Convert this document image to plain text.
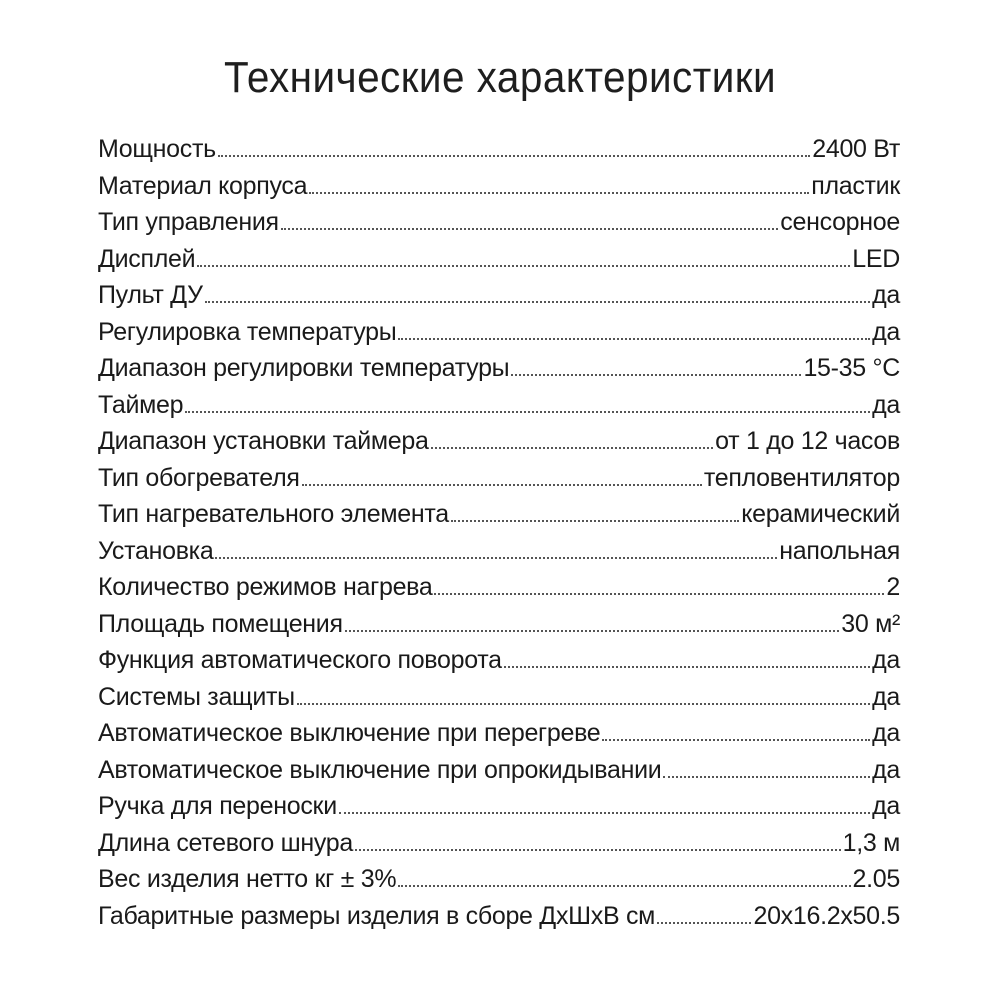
Технические характеристики
Мощность	2400 Вт
Материал корпуса	пластик
Тип управления	сенсорное
Дисплей	LED
Пульт ДУ	да
Регулировка температуры	да
Диапазон регулировки температуры	15-35 °С
Таймер	да
Диапазон установки таймера	от 1 до 12 часов
Тип обогревателя	тепловентилятор
Тип нагревательного элемента	керамический
Установка	напольная
Количество режимов нагрева	2
Площадь помещения	30 м²
Функция автоматического поворота	да
Системы защиты	да
Автоматическое выключение при перегреве	да
Автоматическое выключение при опрокидывании	да
Ручка для переноски	да
Длина сетевого шнура	1,3 м
Вес изделия нетто кг ± 3%	2.05
Габаритные размеры изделия в сборе ДхШхВ см	20х16.2х50.5
